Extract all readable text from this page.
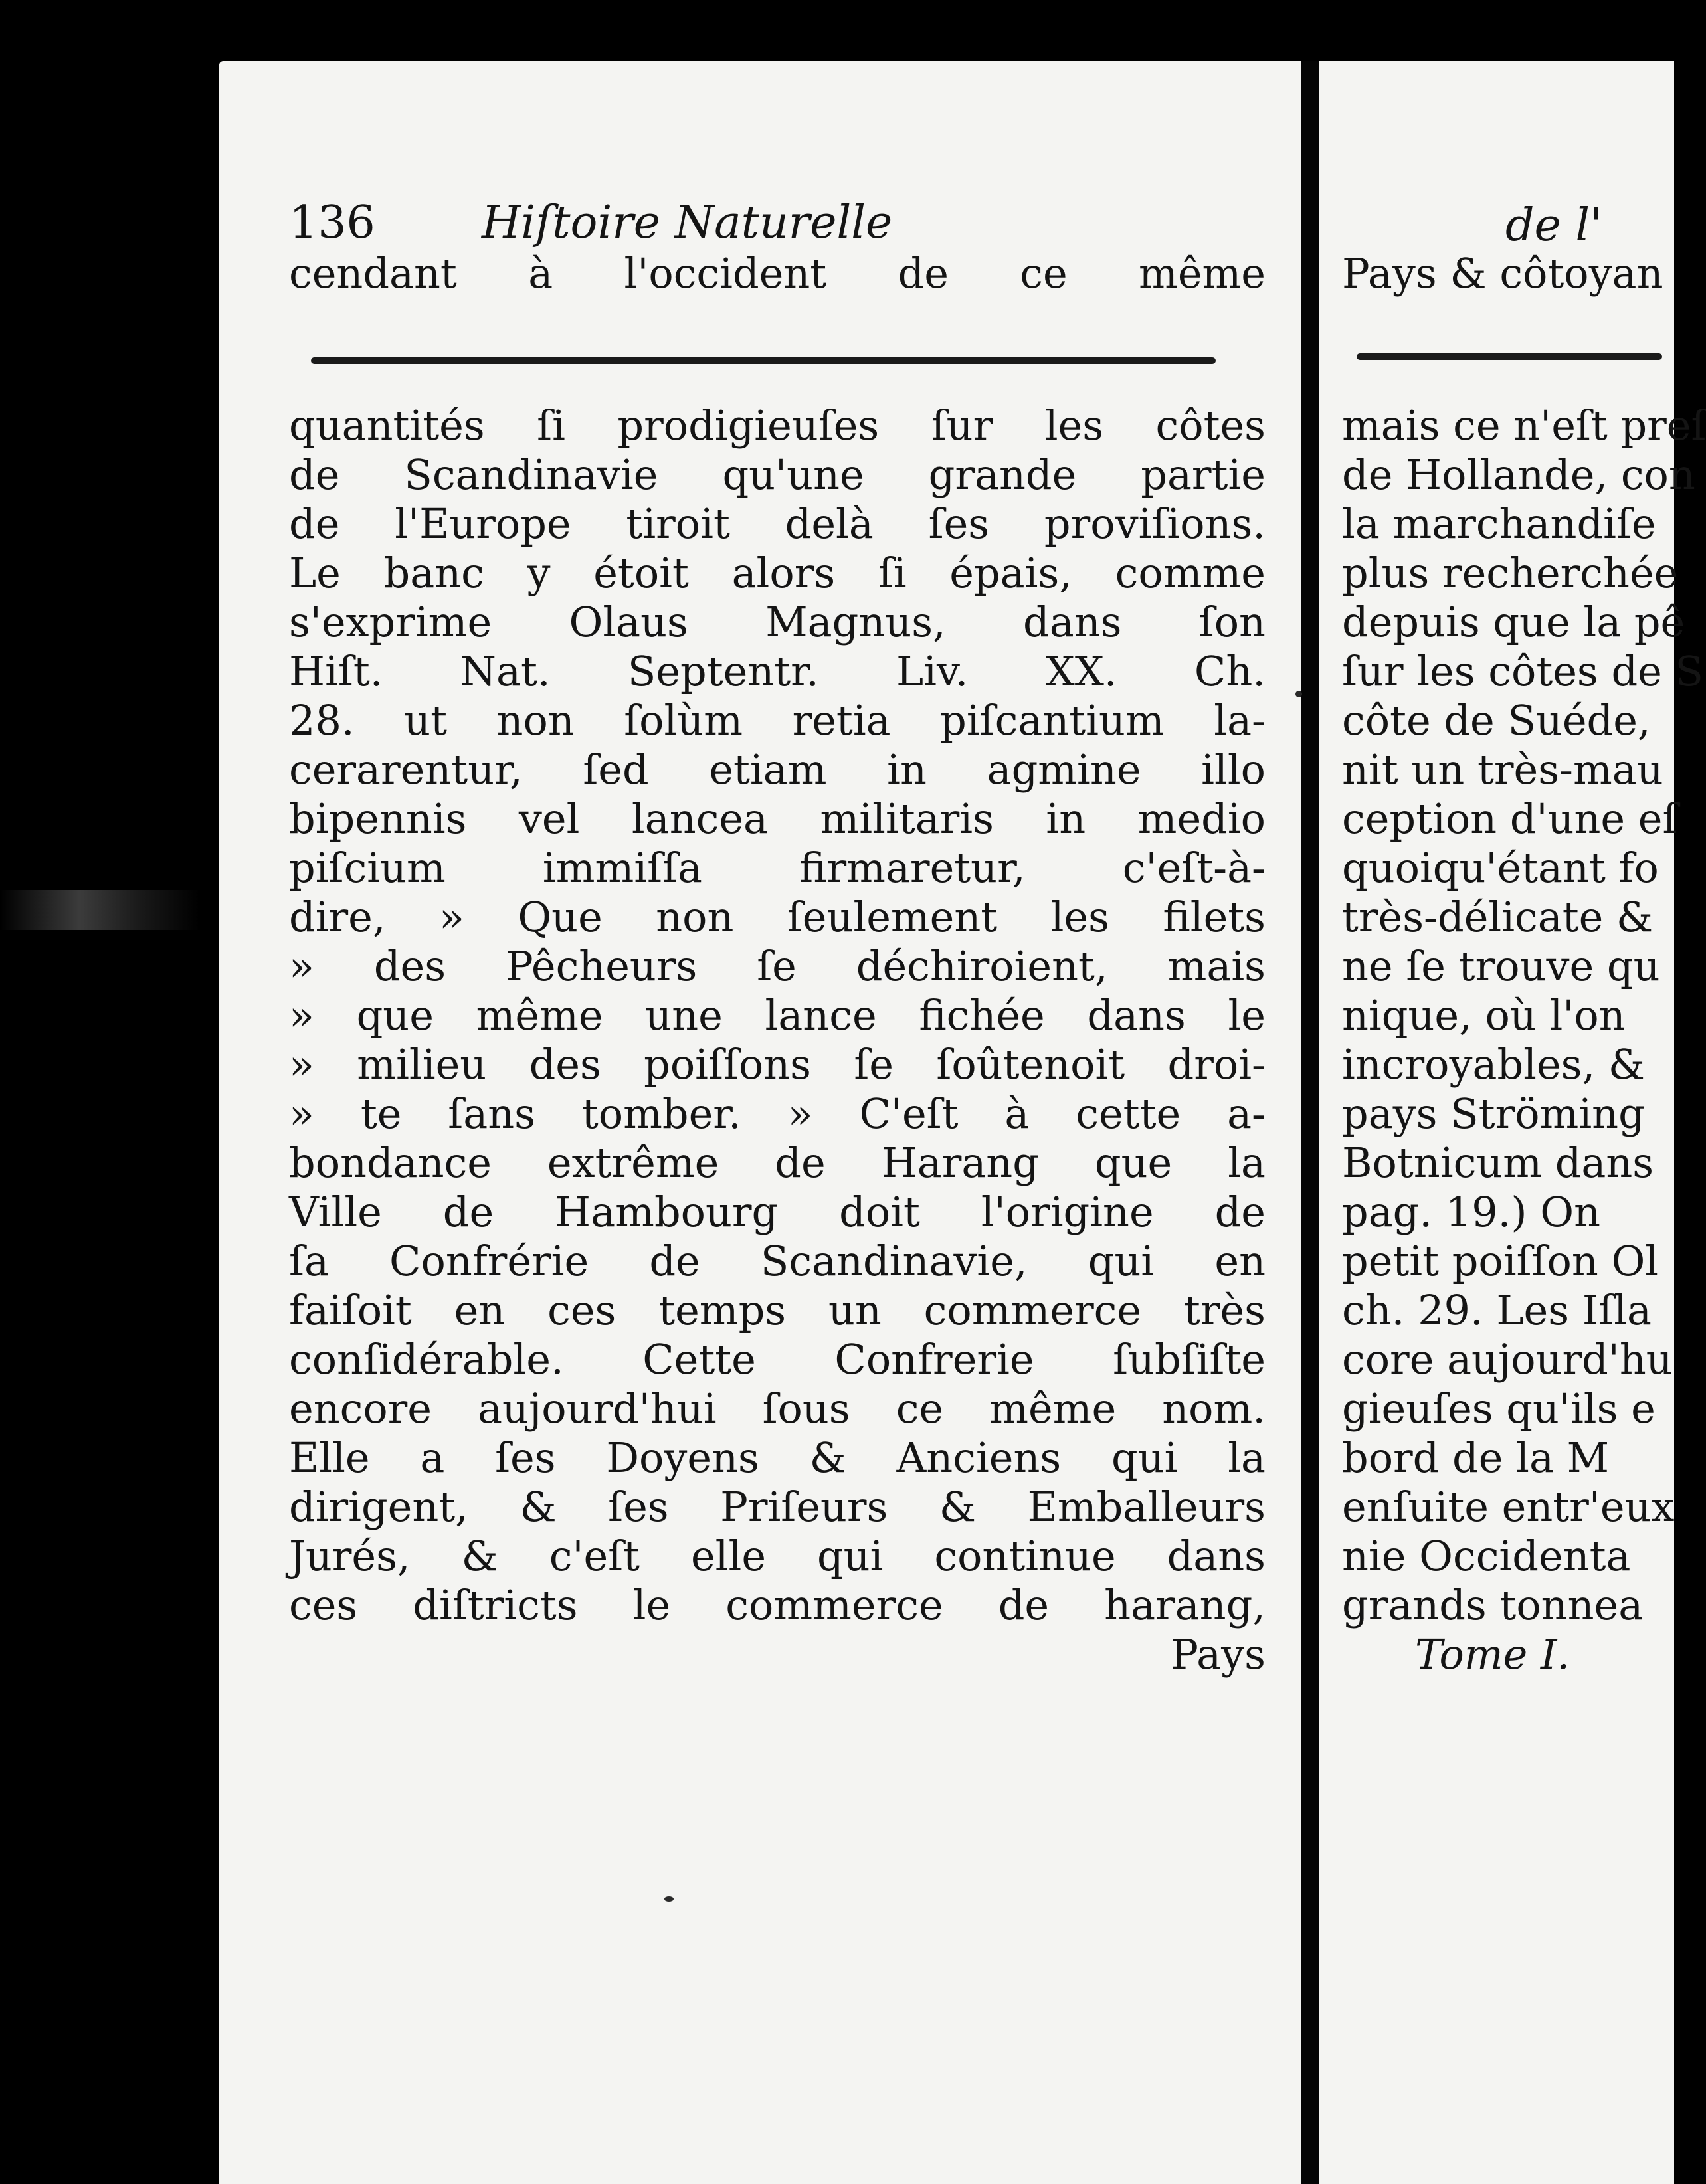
136 Hiſtoire Naturelle
cendant à l'occident de ce même
quantités ſi prodigieuſes ſur les côtes
de Scandinavie qu'une grande partie
de l'Europe tiroit delà ſes proviſions.
Le banc y étoit alors ſi épais, comme
s'exprime Olaus Magnus, dans ſon
Hiſt. Nat. Septentr. Liv. XX. Ch.
28. ut non ſolùm retia piſcantium la-
cerarentur, ſed etiam in agmine illo
bipennis vel lancea militaris in medio
piſcium immiſſa firmaretur, c'eſt-à-
dire, » Que non ſeulement les filets
» des Pêcheurs ſe déchiroient, mais
» que même une lance fichée dans le
» milieu des poiſſons ſe ſoûtenoit droi-
» te ſans tomber. » C'eſt à cette a-
bondance extrême de Harang que la
Ville de Hambourg doit l'origine de
ſa Confrérie de Scandinavie, qui en
faiſoit en ces temps un commerce très
conſidérable. Cette Confrerie ſubſiſte
encore aujourd'hui ſous ce même nom.
Elle a ſes Doyens & Anciens qui la
dirigent, & ſes Priſeurs & Emballeurs
Jurés, & c'eſt elle qui continue dans
ces diſtricts le commerce de harang,
Pays
de l'
Pays & côtoyan
mais ce n'eſt preſ
de Hollande, con
la marchandiſe
plus recherchée
depuis que la pê
ſur les côtes de S
côte de Suéde,
nit un très-mau
ception d'une eſ
quoiqu'étant fo
très-délicate &
ne ſe trouve qu
nique, où l'on
incroyables, &
pays Ströming
Botnicum dans
pag. 19.) On
petit poiſſon Ol
ch. 29. Les Iſla
core aujourd'hu
gieuſes qu'ils e
bord de la M
enſuite entr'eux
nie Occidenta
grands tonnea
Tome I.
